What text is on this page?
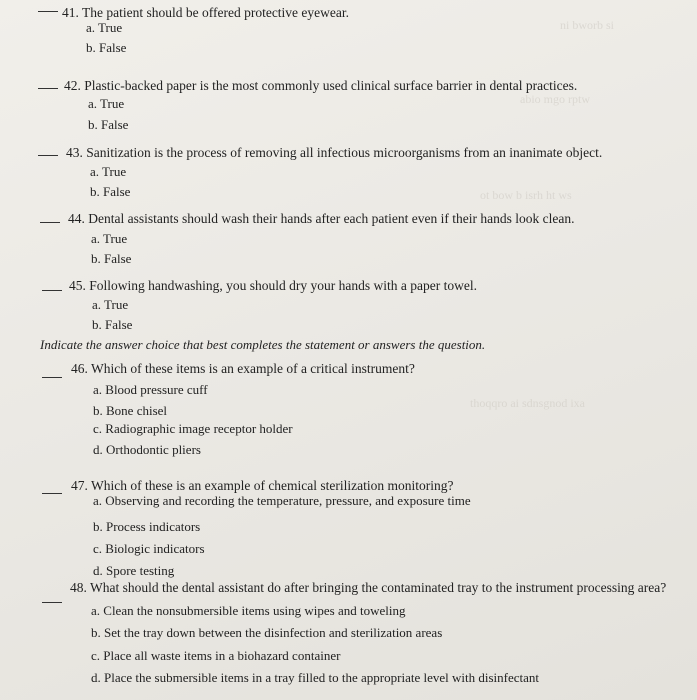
ni bworb si
abio mgo rptw
ot bow b isrh ht ws
thoqqro ai sdnsgnod ixa
41. The patient should be offered protective eyewear.
a. True
b. False
42. Plastic-backed paper is the most commonly used clinical surface barrier in dental practices.
a. True
b. False
43. Sanitization is the process of removing all infectious microorganisms from an inanimate object.
a. True
b. False
44. Dental assistants should wash their hands after each patient even if their hands look clean.
a. True
b. False
45. Following handwashing, you should dry your hands with a paper towel.
a. True
b. False
Indicate the answer choice that best completes the statement or answers the question.
46. Which of these items is an example of a critical instrument?
a. Blood pressure cuff
b. Bone chisel
c. Radiographic image receptor holder
d. Orthodontic pliers
47. Which of these is an example of chemical sterilization monitoring?
a. Observing and recording the temperature, pressure, and exposure time
b. Process indicators
c. Biologic indicators
d. Spore testing
48. What should the dental assistant do after bringing the contaminated tray to the instrument processing area?
a. Clean the nonsubmersible items using wipes and toweling
b. Set the tray down between the disinfection and sterilization areas
c. Place all waste items in a biohazard container
d. Place the submersible items in a tray filled to the appropriate level with disinfectant
